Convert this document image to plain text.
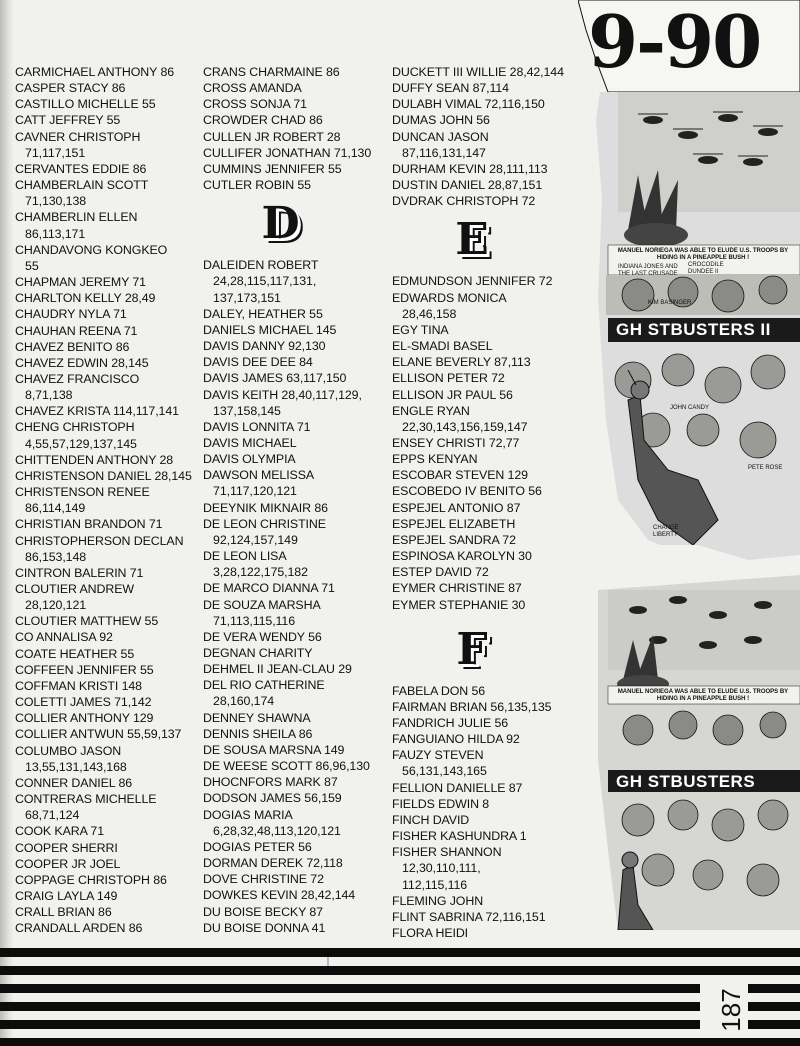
CARMICHAEL ANTHONY 86
CASPER STACY 86
CASTILLO MICHELLE 55
CATT JEFFREY 55
CAVNER CHRISTOPH
71,117,151
CERVANTES EDDIE 86
CHAMBERLAIN SCOTT
71,130,138
CHAMBERLIN ELLEN
86,113,171
CHANDAVONG KONGKEO
55
CHAPMAN JEREMY 71
CHARLTON KELLY 28,49
CHAUDRY NYLA 71
CHAUHAN REENA 71
CHAVEZ BENITO 86
CHAVEZ EDWIN 28,145
CHAVEZ FRANCISCO
8,71,138
CHAVEZ KRISTA 114,117,141
CHENG CHRISTOPH
4,55,57,129,137,145
CHITTENDEN ANTHONY 28
CHRISTENSON DANIEL 28,145
CHRISTENSON RENEE
86,114,149
CHRISTIAN BRANDON 71
CHRISTOPHERSON DECLAN
86,153,148
CINTRON BALERIN 71
CLOUTIER ANDREW
28,120,121
CLOUTIER MATTHEW 55
CO ANNALISA 92
COATE HEATHER 55
COFFEEN JENNIFER 55
COFFMAN KRISTI 148
COLETTI JAMES 71,142
COLLIER ANTHONY 129
COLLIER ANTWUN 55,59,137
COLUMBO JASON
13,55,131,143,168
CONNER DANIEL 86
CONTRERAS MICHELLE
68,71,124
COOK KARA 71
COOPER SHERRI
COOPER JR JOEL
COPPAGE CHRISTOPH 86
CRAIG LAYLA 149
CRALL BRIAN 86
CRANDALL ARDEN 86
CRANS CHARMAINE 86
CROSS AMANDA
CROSS SONJA 71
CROWDER CHAD 86
CULLEN JR ROBERT 28
CULLIFER JONATHAN 71,130
CUMMINS JENNIFER 55
CUTLER ROBIN 55
D
DALEIDEN ROBERT
24,28,115,117,131,
137,173,151
DALEY, HEATHER 55
DANIELS MICHAEL 145
DAVIS DANNY 92,130
DAVIS DEE DEE 84
DAVIS JAMES 63,117,150
DAVIS KEITH 28,40,117,129,
137,158,145
DAVIS LONNITA 71
DAVIS MICHAEL
DAVIS OLYMPIA
DAWSON MELISSA
71,117,120,121
DEEYNIK MIKNAIR 86
DE LEON CHRISTINE
92,124,157,149
DE LEON LISA
3,28,122,175,182
DE MARCO DIANNA 71
DE SOUZA MARSHA
71,113,115,116
DE VERA WENDY 56
DEGNAN CHARITY
DEHMEL II JEAN-CLAU 29
DEL RIO CATHERINE
28,160,174
DENNEY SHAWNA
DENNIS SHEILA 86
DE SOUSA MARSNA 149
DE WEESE SCOTT 86,96,130
DHOCNFORS MARK 87
DODSON JAMES 56,159
DOGIAS MARIA
6,28,32,48,113,120,121
DOGIAS PETER 56
DORMAN DEREK 72,118
DOVE CHRISTINE 72
DOWKES KEVIN 28,42,144
DU BOISE BECKY 87
DU BOISE DONNA 41
DUCKETT III WILLIE 28,42,144
DUFFY SEAN 87,114
DULABH VIMAL 72,116,150
DUMAS JOHN 56
DUNCAN JASON
87,116,131,147
DURHAM KEVIN 28,111,113
DUSTIN DANIEL 28,87,151
DVDRAK CHRISTOPH 72
E
EDMUNDSON JENNIFER 72
EDWARDS MONICA
28,46,158
EGY TINA
EL-SMADI BASEL
ELANE BEVERLY 87,113
ELLISON PETER 72
ELLISON JR PAUL 56
ENGLE RYAN
22,30,143,156,159,147
ENSEY CHRISTI 72,77
EPPS KENYAN
ESCOBAR STEVEN 129
ESCOBEDO IV BENITO 56
ESPEJEL ANTONIO 87
ESPEJEL ELIZABETH
ESPEJEL SANDRA 72
ESPINOSA KAROLYN 30
ESTEP DAVID 72
EYMER CHRISTINE 87
EYMER STEPHANIE 30
F
FABELA DON 56
FAIRMAN BRIAN 56,135,135
FANDRICH JULIE 56
FANGUIANO HILDA 92
FAUZY STEVEN
56,131,143,165
FELLION DANIELLE 87
FIELDS EDWIN 8
FINCH DAVID
FISHER KASHUNDRA 1
FISHER SHANNON
12,30,110,111,
112,115,116
FLEMING JOHN
FLINT SABRINA 72,116,151
FLORA HEIDI
9-90
MANUEL NORIEGA WAS ABLE TO ELUDE U.S. TROOPS BY HIDING IN A PINEAPPLE BUSH !
GH STBUSTERS II
INDIANA JONES AND THE LAST CRUSADE
CROCODILE DUNDEE II
KIM BASINGER
JOHN CANDY
PETE ROSE
CHANGE LIBERTY
MANUEL NORIEGA WAS ABLE TO ELUDE U.S. TROOPS BY HIDING IN A PINEAPPLE BUSH !
GH STBUSTERS
187
